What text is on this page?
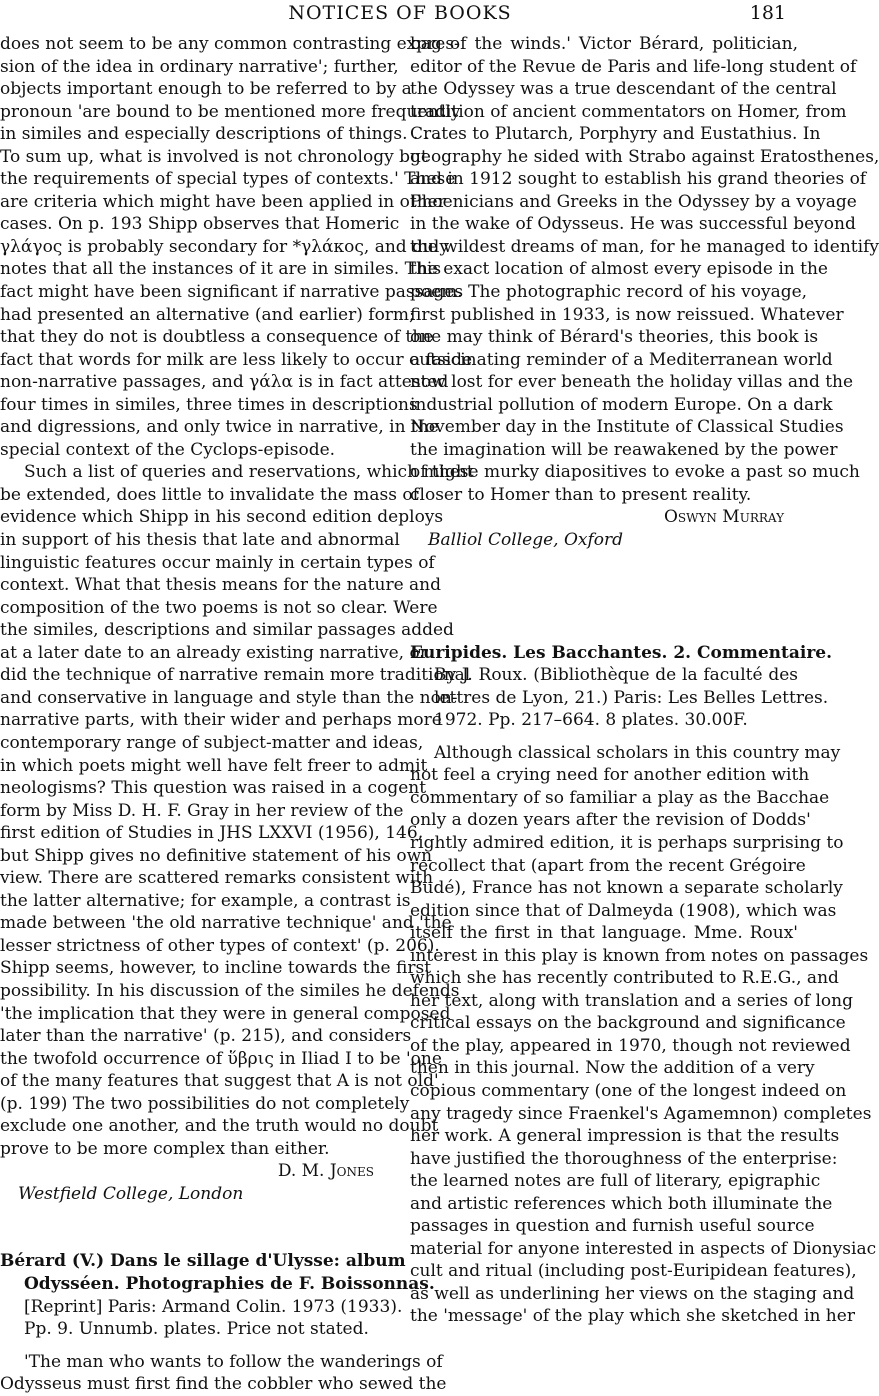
NOTICES OF BOOKS	181
does not seem to be any common contrasting expres-
sion of the idea in ordinary narrative'; further,
objects important enough to be referred to by a
pronoun 'are bound to be mentioned more frequently
in similes and especially descriptions of things. . . .
To sum up, what is involved is not chronology but
the requirements of special types of contexts.' These
are criteria which might have been applied in other
cases. On p. 193 Shipp observes that Homeric
γλάγος is probably secondary for *γλάκος, and duly
notes that all the instances of it are in similes. This
fact might have been significant if narrative passages
had presented an alternative (and earlier) form;
that they do not is doubtless a consequence of the
fact that words for milk are less likely to occur outside
non-narrative passages, and γάλα is in fact attested
four times in similes, three times in descriptions
and digressions, and only twice in narrative, in the
special context of the Cyclops-episode.
Such a list of queries and reservations, which might
be extended, does little to invalidate the mass of
evidence which Shipp in his second edition deploys
in support of his thesis that late and abnormal
linguistic features occur mainly in certain types of
context. What that thesis means for the nature and
composition of the two poems is not so clear. Were
the similes, descriptions and similar passages added
at a later date to an already existing narrative, or
did the technique of narrative remain more traditional
and conservative in language and style than the non-
narrative parts, with their wider and perhaps more
contemporary range of subject-matter and ideas,
in which poets might well have felt freer to admit
neologisms? This question was raised in a cogent
form by Miss D. H. F. Gray in her review of the
first edition of Studies in JHS LXXVI (1956), 146,
but Shipp gives no definitive statement of his own
view. There are scattered remarks consistent with
the latter alternative; for example, a contrast is
made between 'the old narrative technique' and 'the
lesser strictness of other types of context' (p. 206).
Shipp seems, however, to incline towards the first
possibility. In his discussion of the similes he defends
'the implication that they were in general composed
later than the narrative' (p. 215), and considers
the twofold occurrence of ὕβρις in Iliad I to be 'one
of the many features that suggest that A is not old'
(p. 199) The two possibilities do not completely
exclude one another, and the truth would no doubt
prove to be more complex than either.
D. M. Jones
Westfield College, London
Bérard (V.) Dans le sillage d'Ulysse: album
Odysséen. Photographies de F. Boissonnas.
[Reprint] Paris: Armand Colin. 1973 (1933).
Pp. 9. Unnumb. plates. Price not stated.
'The man who wants to follow the wanderings of
Odysseus must first find the cobbler who sewed the
bag of the winds.' Victor Bérard, politician,
editor of the Revue de Paris and life-long student of
the Odyssey was a true descendant of the central
tradition of ancient commentators on Homer, from
Crates to Plutarch, Porphyry and Eustathius. In
geography he sided with Strabo against Eratosthenes,
and in 1912 sought to establish his grand theories of
Phoenicians and Greeks in the Odyssey by a voyage
in the wake of Odysseus. He was successful beyond
the wildest dreams of man, for he managed to identify
the exact location of almost every episode in the
poem. The photographic record of his voyage,
first published in 1933, is now reissued. Whatever
one may think of Bérard's theories, this book is
a fascinating reminder of a Mediterranean world
now lost for ever beneath the holiday villas and the
industrial pollution of modern Europe. On a dark
November day in the Institute of Classical Studies
the imagination will be reawakened by the power
of these murky diapositives to evoke a past so much
closer to Homer than to present reality.
Oswyn Murray
Balliol College, Oxford
Euripides. Les Bacchantes. 2. Commentaire.
By J. Roux. (Bibliothèque de la faculté des
lettres de Lyon, 21.) Paris: Les Belles Lettres.
1972. Pp. 217–664. 8 plates. 30.00F.
Although classical scholars in this country may
not feel a crying need for another edition with
commentary of so familiar a play as the Bacchae
only a dozen years after the revision of Dodds'
rightly admired edition, it is perhaps surprising to
recollect that (apart from the recent Grégoire
Budé), France has not known a separate scholarly
edition since that of Dalmeyda (1908), which was
itself the first in that language. Mme. Roux'
interest in this play is known from notes on passages
which she has recently contributed to R.E.G., and
her text, along with translation and a series of long
critical essays on the background and significance
of the play, appeared in 1970, though not reviewed
then in this journal. Now the addition of a very
copious commentary (one of the longest indeed on
any tragedy since Fraenkel's Agamemnon) completes
her work. A general impression is that the results
have justified the thoroughness of the enterprise:
the learned notes are full of literary, epigraphic
and artistic references which both illuminate the
passages in question and furnish useful source
material for anyone interested in aspects of Dionysiac
cult and ritual (including post-Euripidean features),
as well as underlining her views on the staging and
the 'message' of the play which she sketched in her
